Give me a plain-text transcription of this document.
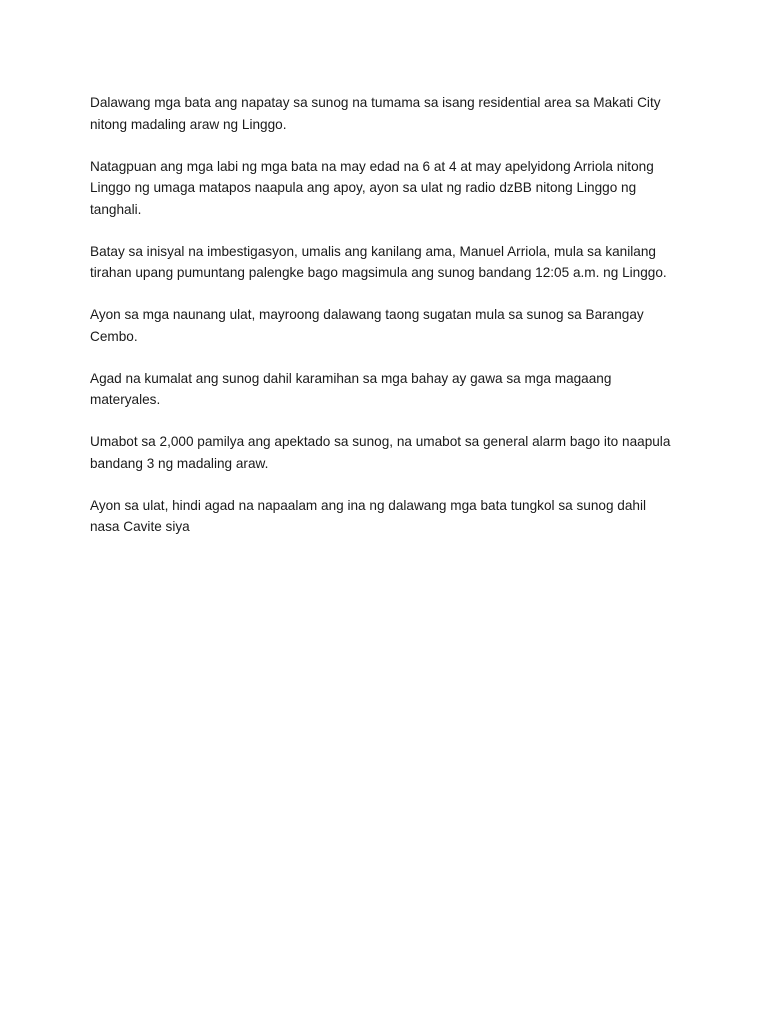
Dalawang mga bata ang napatay sa sunog na tumama sa isang residential area sa Makati City
nitong madaling araw ng Linggo.

Natagpuan ang mga labi ng mga bata na may edad na 6 at 4 at may apelyidong Arriola nitong
Linggo ng umaga matapos naapula ang apoy, ayon sa ulat ng radio dzBB nitong Linggo ng
tanghali.

Batay sa inisyal na imbestigasyon, umalis ang kanilang ama, Manuel Arriola, mula sa kanilang
tirahan upang pumuntang palengke bago magsimula ang sunog bandang 12:05 a.m. ng Linggo.

Ayon sa mga naunang ulat, mayroong dalawang taong sugatan mula sa sunog sa Barangay
Cembo.

Agad na kumalat ang sunog dahil karamihan sa mga bahay ay gawa sa mga magaang
materyales.

Umabot sa 2,000 pamilya ang apektado sa sunog, na umabot sa general alarm bago ito naapula
bandang 3 ng madaling araw.

Ayon sa ulat, hindi agad na napaalam ang ina ng dalawang mga bata tungkol sa sunog dahil
nasa Cavite siya
